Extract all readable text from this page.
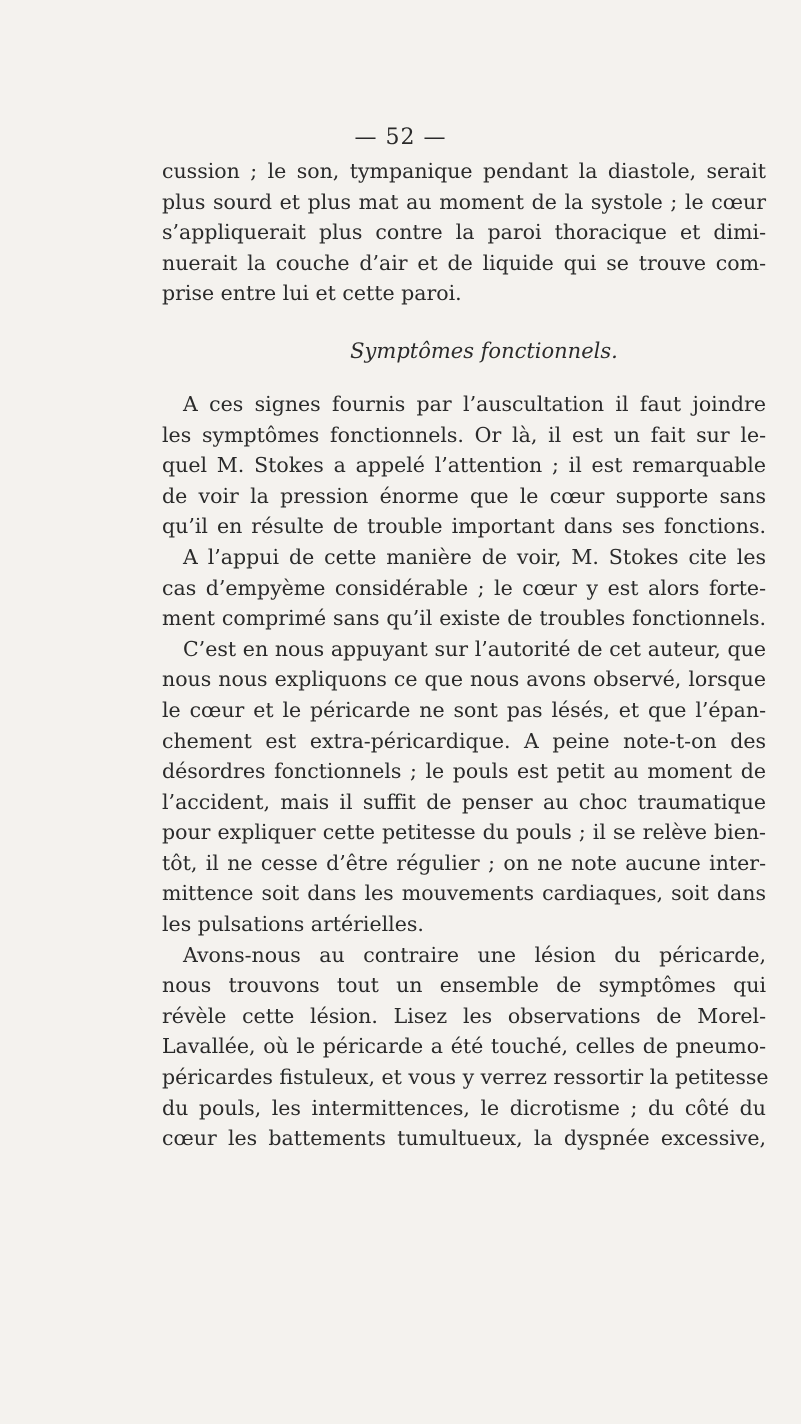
— 52 —
cussion ; le son, tympanique pendant la diastole, serait
plus sourd et plus mat au moment de la systole ; le cœur
s’appliquerait plus contre la paroi thoracique et dimi-
nuerait la couche d’air et de liquide qui se trouve com-
prise entre lui et cette paroi.
Symptômes fonctionnels.
A ces signes fournis par l’auscultation il faut joindre
les symptômes fonctionnels. Or là, il est un fait sur le-
quel M. Stokes a appelé l’attention ; il est remarquable
de voir la pression énorme que le cœur supporte sans
qu’il en résulte de trouble important dans ses fonctions.
A l’appui de cette manière de voir, M. Stokes cite les
cas d’empyème considérable ; le cœur y est alors forte-
ment comprimé sans qu’il existe de troubles fonctionnels.
C’est en nous appuyant sur l’autorité de cet auteur, que
nous nous expliquons ce que nous avons observé, lorsque
le cœur et le péricarde ne sont pas lésés, et que l’épan-
chement est extra-péricardique. A peine note-t-on des
désordres fonctionnels ; le pouls est petit au moment de
l’accident, mais il suffit de penser au choc traumatique
pour expliquer cette petitesse du pouls ; il se relève bien-
tôt, il ne cesse d’être régulier ; on ne note aucune inter-
mittence soit dans les mouvements cardiaques, soit dans
les pulsations artérielles.
Avons-nous au contraire une lésion du péricarde,
nous trouvons tout un ensemble de symptômes qui
révèle cette lésion. Lisez les observations de Morel-
Lavallée, où le péricarde a été touché, celles de pneumo-
péricardes fistuleux, et vous y verrez ressortir la petitesse
du pouls, les intermittences, le dicrotisme ; du côté du
cœur les battements tumultueux, la dyspnée excessive,
